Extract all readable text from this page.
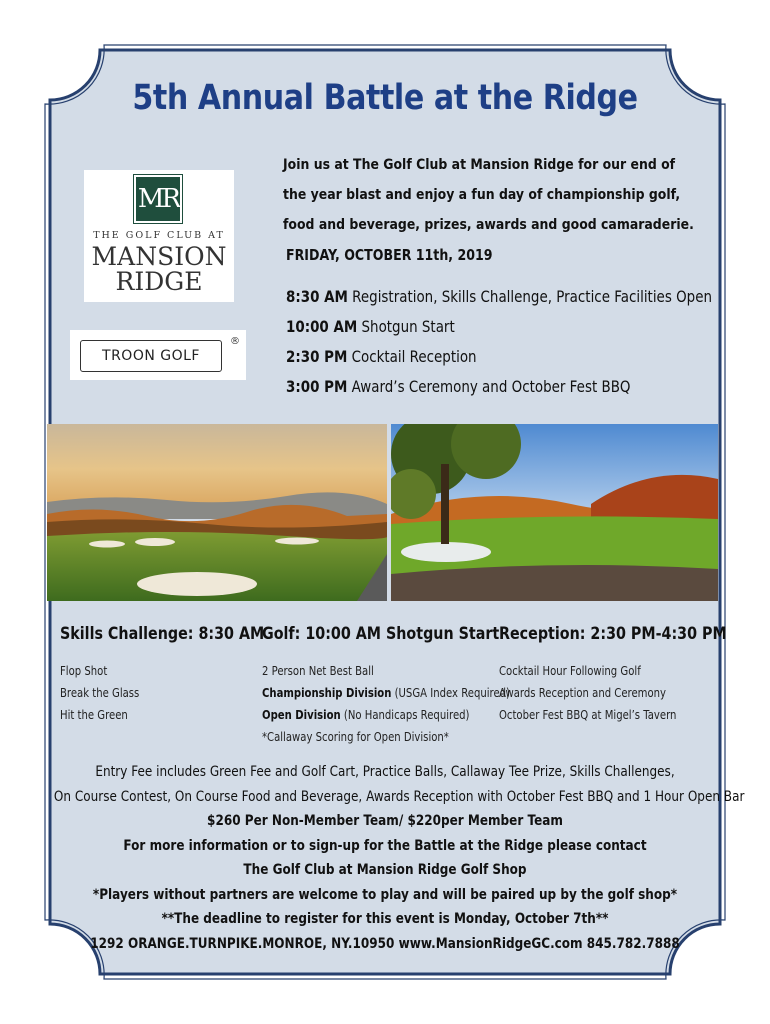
5th Annual Battle at the Ridge
MR
THE GOLF CLUB AT
MANSION
RIDGE
TROON GOLF
®
Join us at The Golf Club at Mansion Ridge for our end of
the year blast and enjoy a fun day of championship golf,
food and beverage, prizes, awards and good camaraderie.
FRIDAY, OCTOBER 11th, 2019
8:30 AM Registration, Skills Challenge, Practice Facilities Open
10:00 AM Shotgun Start
2:30 PM Cocktail Reception
3:00 PM Award’s Ceremony and October Fest BBQ
Skills Challenge: 8:30 AM
Flop Shot
Break the Glass
Hit the Green
Golf: 10:00 AM Shotgun Start
2 Person Net Best Ball
Championship Division (USGA Index Required)
Open Division (No Handicaps Required)
*Callaway Scoring for Open Division*
Reception: 2:30 PM-4:30 PM
Cocktail Hour Following Golf
Awards Reception and Ceremony
October Fest BBQ at Migel’s Tavern
Entry Fee includes Green Fee and Golf Cart, Practice Balls, Callaway Tee Prize, Skills Challenges,
On Course Contest, On Course Food and Beverage, Awards Reception with October Fest BBQ and 1 Hour Open Bar
$260 Per Non-Member Team/ $220per Member Team
For more information or to sign-up for the Battle at the Ridge please contact
The Golf Club at Mansion Ridge Golf Shop
*Players without partners are welcome to play and will be paired up by the golf shop*
**The deadline to register for this event is Monday, October 7th**
1292 ORANGE.TURNPIKE.MONROE, NY.10950 www.MansionRidgeGC.com 845.782.7888
